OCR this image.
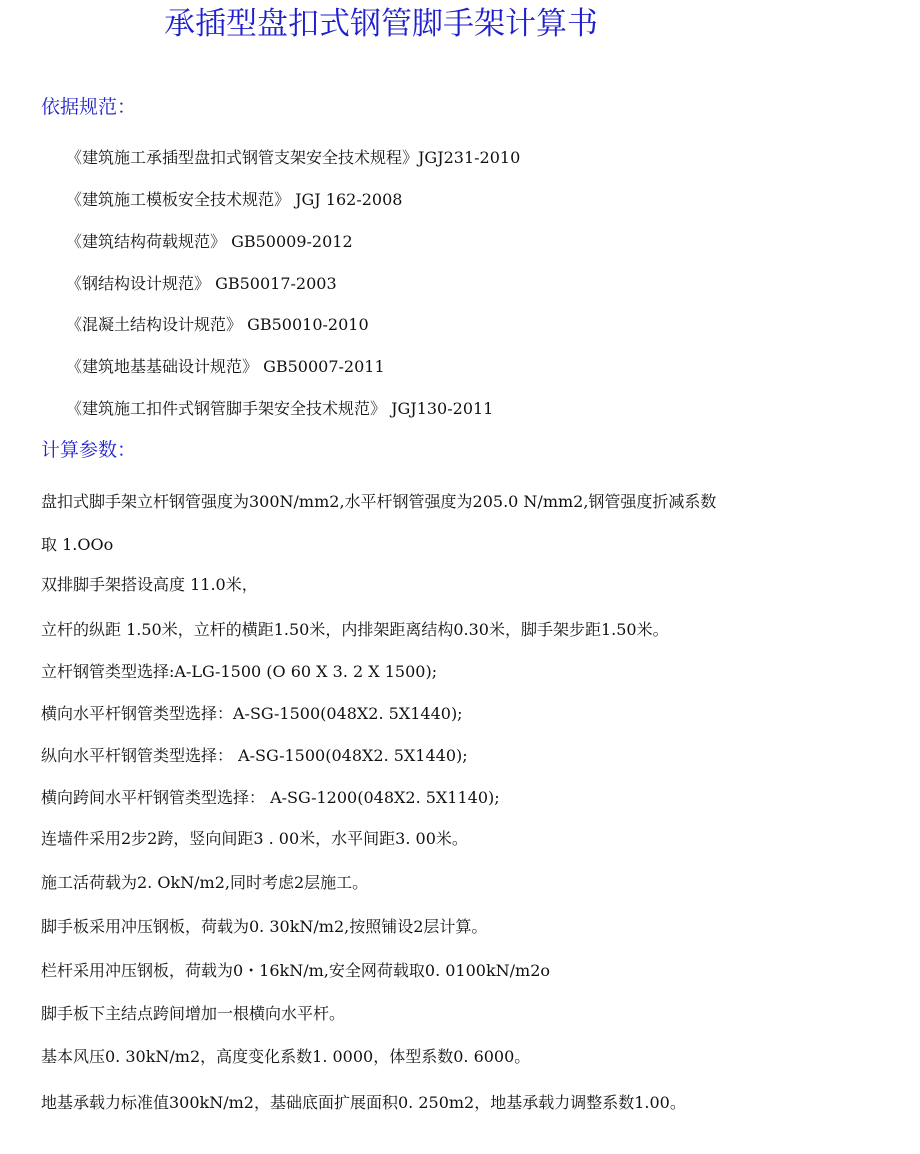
承插型盘扣式钢管脚手架计算书
依据规范：
《建筑施工承插型盘扣式钢管支架安全技术规程》JGJ231-2010
《建筑施工模板安全技术规范》 JGJ 162-2008
《建筑结构荷载规范》 GB50009-2012
《钢结构设计规范》 GB50017-2003
《混凝土结构设计规范》 GB50010-2010
《建筑地基基础设计规范》 GB50007-2011
《建筑施工扣件式钢管脚手架安全技术规范》 JGJ130-2011
计算参数：
盘扣式脚手架立杆钢管强度为300N/mm2,水平杆钢管强度为205.0 N/mm2,钢管强度折减系数
取 1.OOo
双排脚手架搭设高度 11.0米，
立杆的纵距 1.50米，立杆的横距1.50米，内排架距离结构0.30米，脚手架步距1.50米。
立杆钢管类型选择:A-LG-1500 (O 60 X 3. 2 X 1500);
横向水平杆钢管类型选择：A-SG-1500(048X2. 5X1440);
纵向水平杆钢管类型选择： A-SG-1500(048X2. 5X1440);
横向跨间水平杆钢管类型选择： A-SG-1200(048X2. 5X1140);
连墙件采用2步2跨，竖向间距3 . 00米，水平间距3. 00米。
施工活荷载为2. OkN/m2,同时考虑2层施工。
脚手板采用冲压钢板，荷载为0. 30kN/m2,按照铺设2层计算。
栏杆采用冲压钢板，荷载为0・16kN/m,安全网荷载取0. 0100kN/m2o
脚手板下主结点跨间增加一根横向水平杆。
基本风压0. 30kN/m2，高度变化系数1. 0000，体型系数0. 6000。
地基承载力标准值300kN/m2，基础底面扩展面积0. 250m2，地基承载力调整系数1.00。
